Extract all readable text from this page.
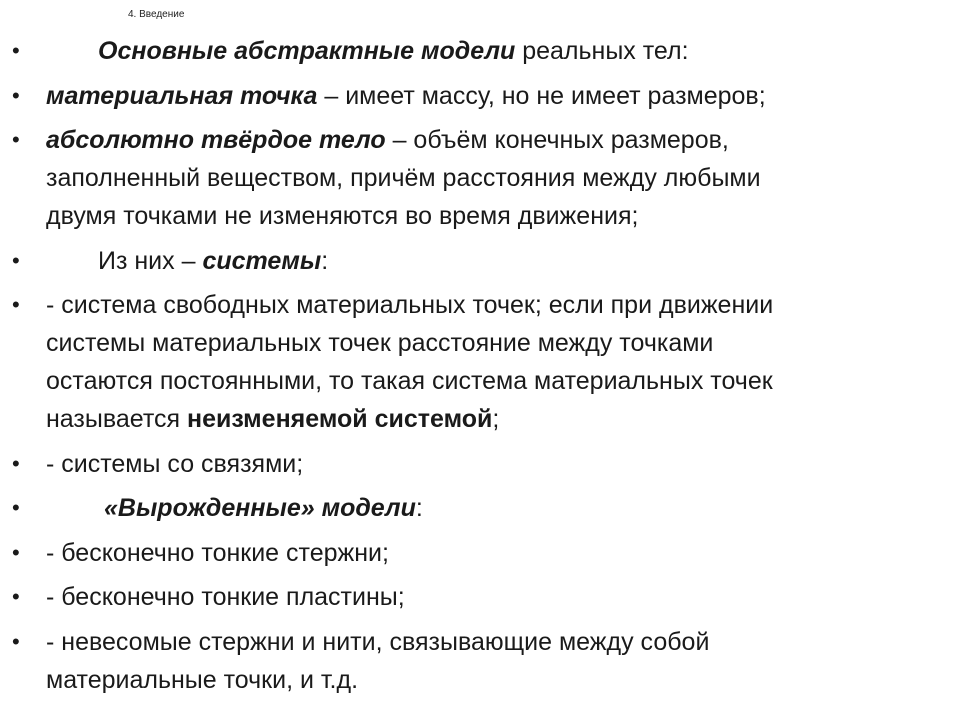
4. Введение
•	Основные абстрактные модели реальных тел:
• материальная точка – имеет массу, но не имеет размеров;
• абсолютно твёрдое тело – объём конечных размеров,
заполненный веществом, причём расстояния между любыми
двумя точками не изменяются во время движения;
•	Из них – системы:
• - система свободных материальных точек; если при движении
системы материальных точек расстояние между точками
остаются постоянными, то такая система материальных точек
называется неизменяемой системой;
• - системы со связями;
•	«Вырожденные» модели:
• - бесконечно тонкие стержни;
• - бесконечно тонкие пластины;
• - невесомые стержни и нити, связывающие между собой
материальные точки, и т.д.
